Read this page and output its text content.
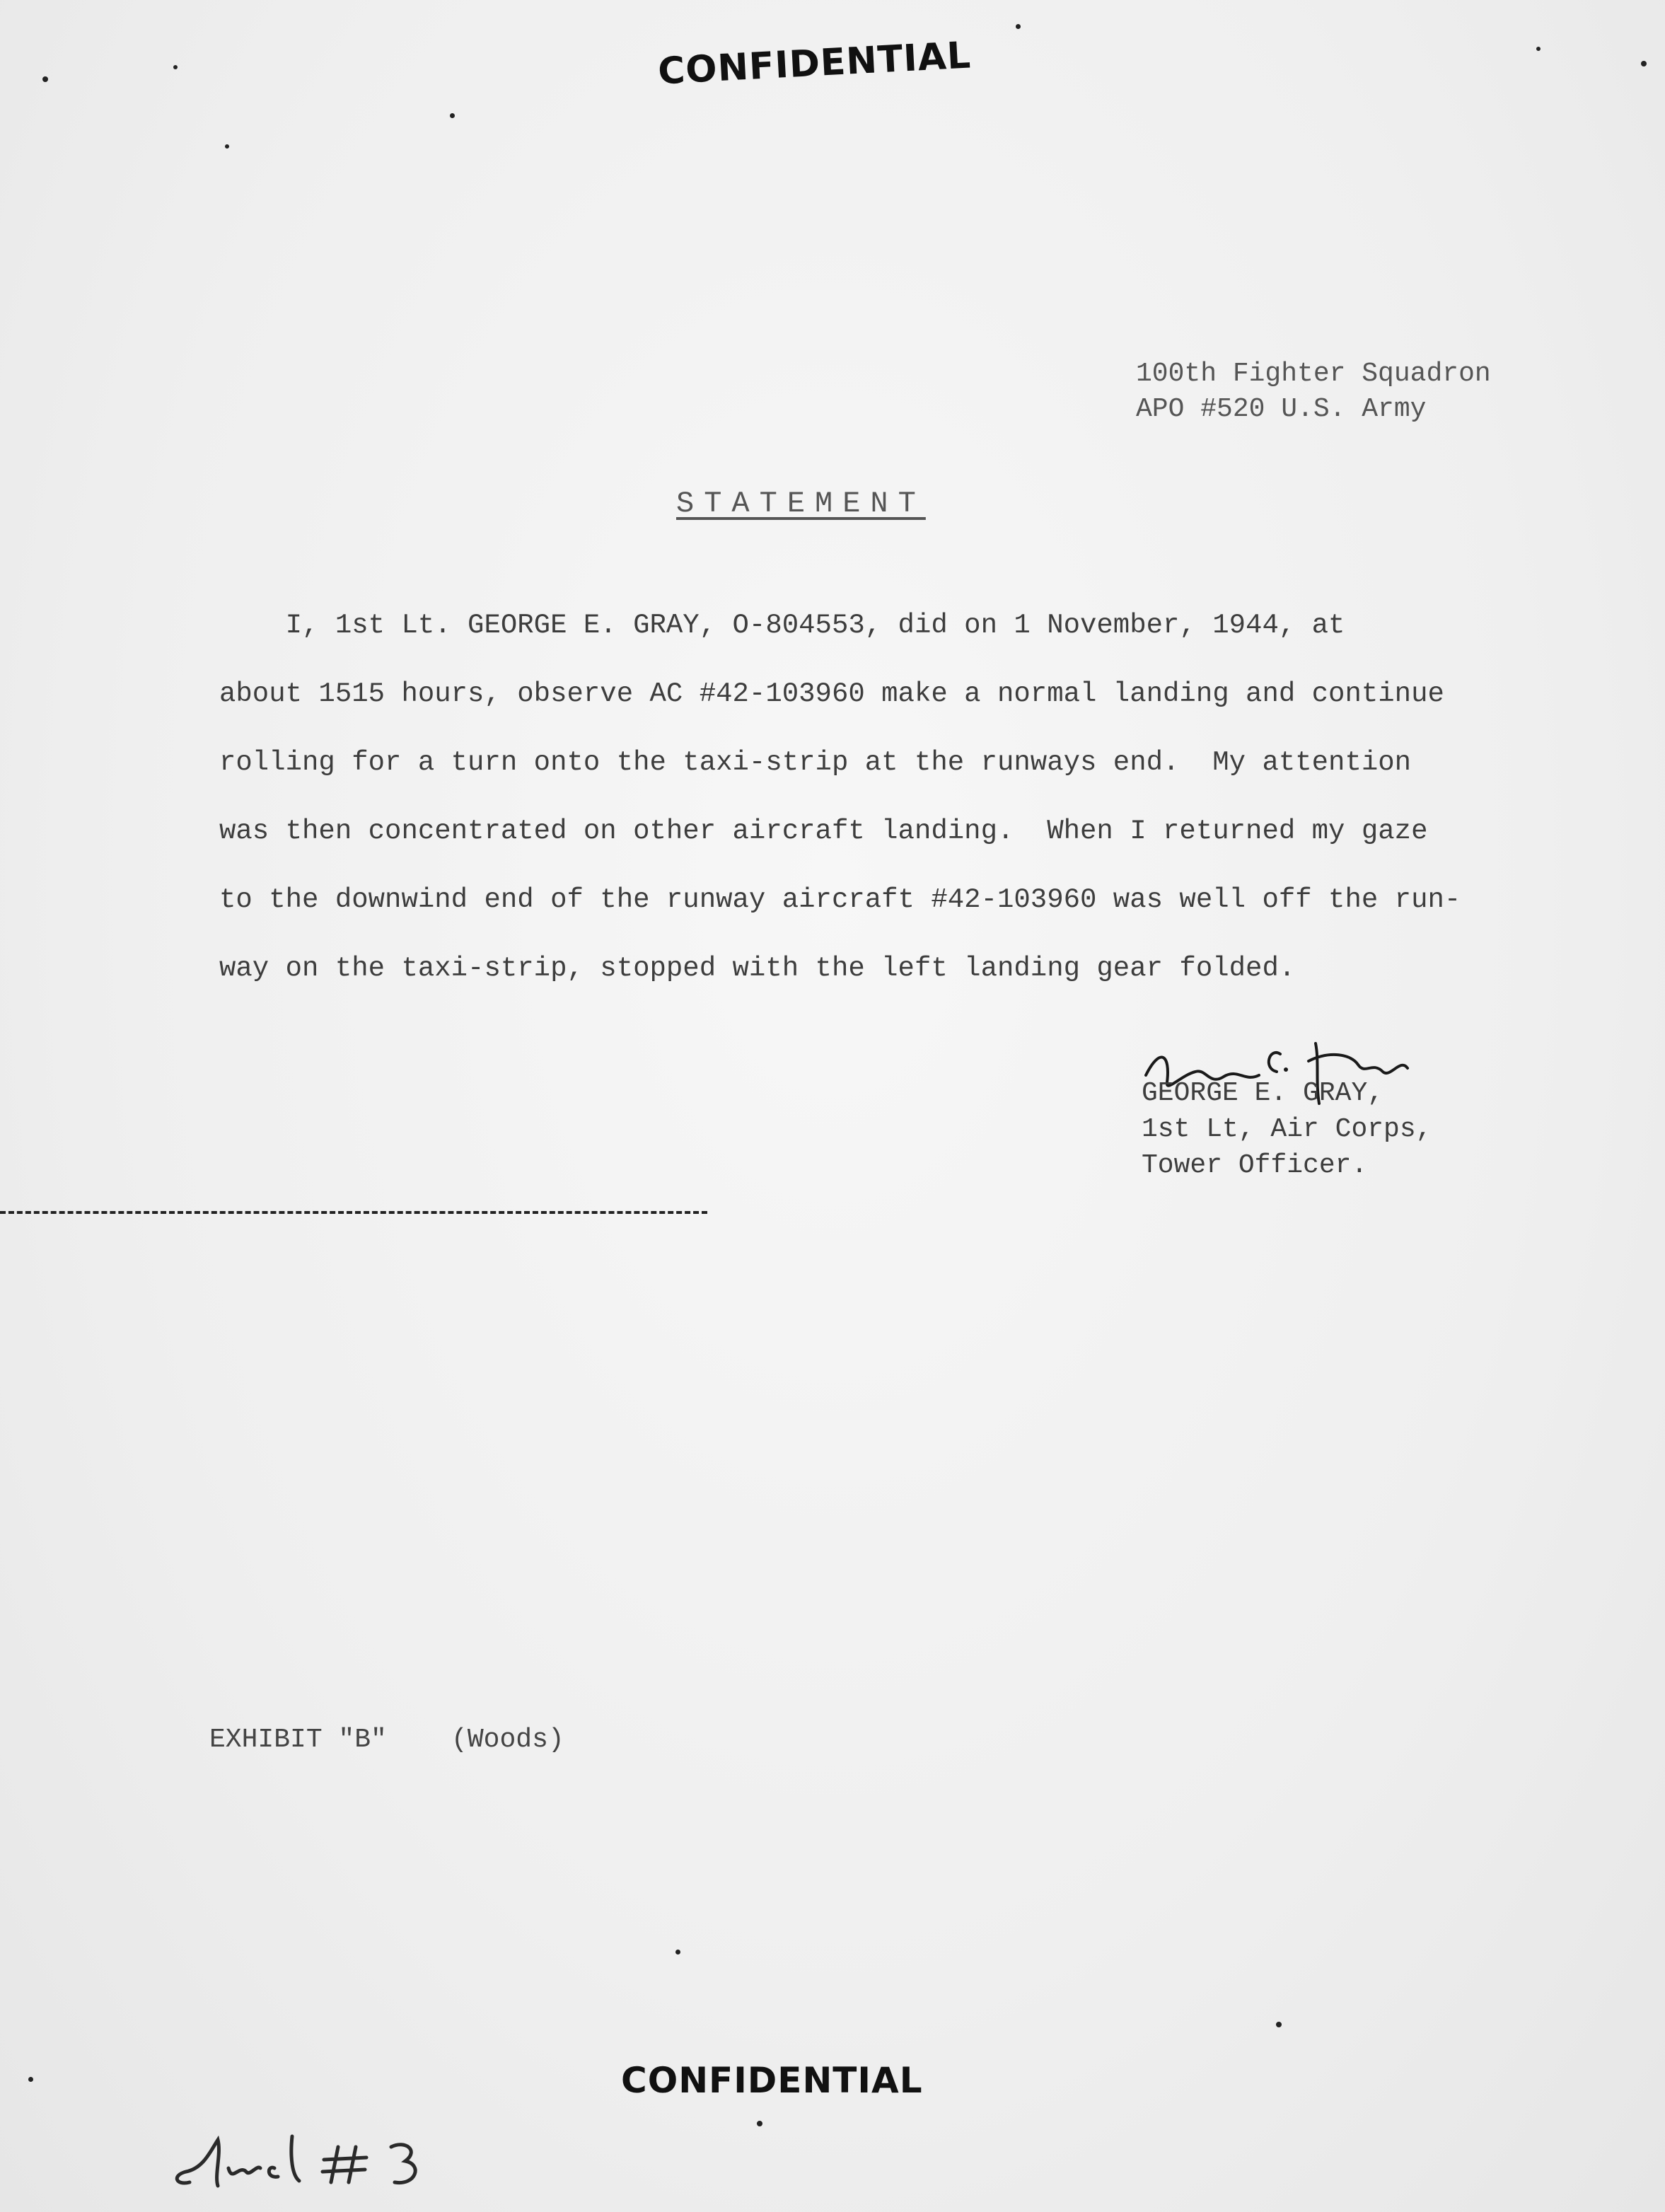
CONFIDENTIAL
100th Fighter Squadron
APO #520 U.S. Army
STATEMENT
I, 1st Lt. GEORGE E. GRAY, O-804553, did on 1 November, 1944, at
about 1515 hours, observe AC #42-103960 make a normal landing and continue
rolling for a turn onto the taxi-strip at the runways end.  My attention
was then concentrated on other aircraft landing.  When I returned my gaze
to the downwind end of the runway aircraft #42-103960 was well off the run-
way on the taxi-strip, stopped with the left landing gear folded.
GEORGE E. GRAY,
1st Lt, Air Corps,
Tower Officer.
EXHIBIT "B"    (Woods)
CONFIDENTIAL
